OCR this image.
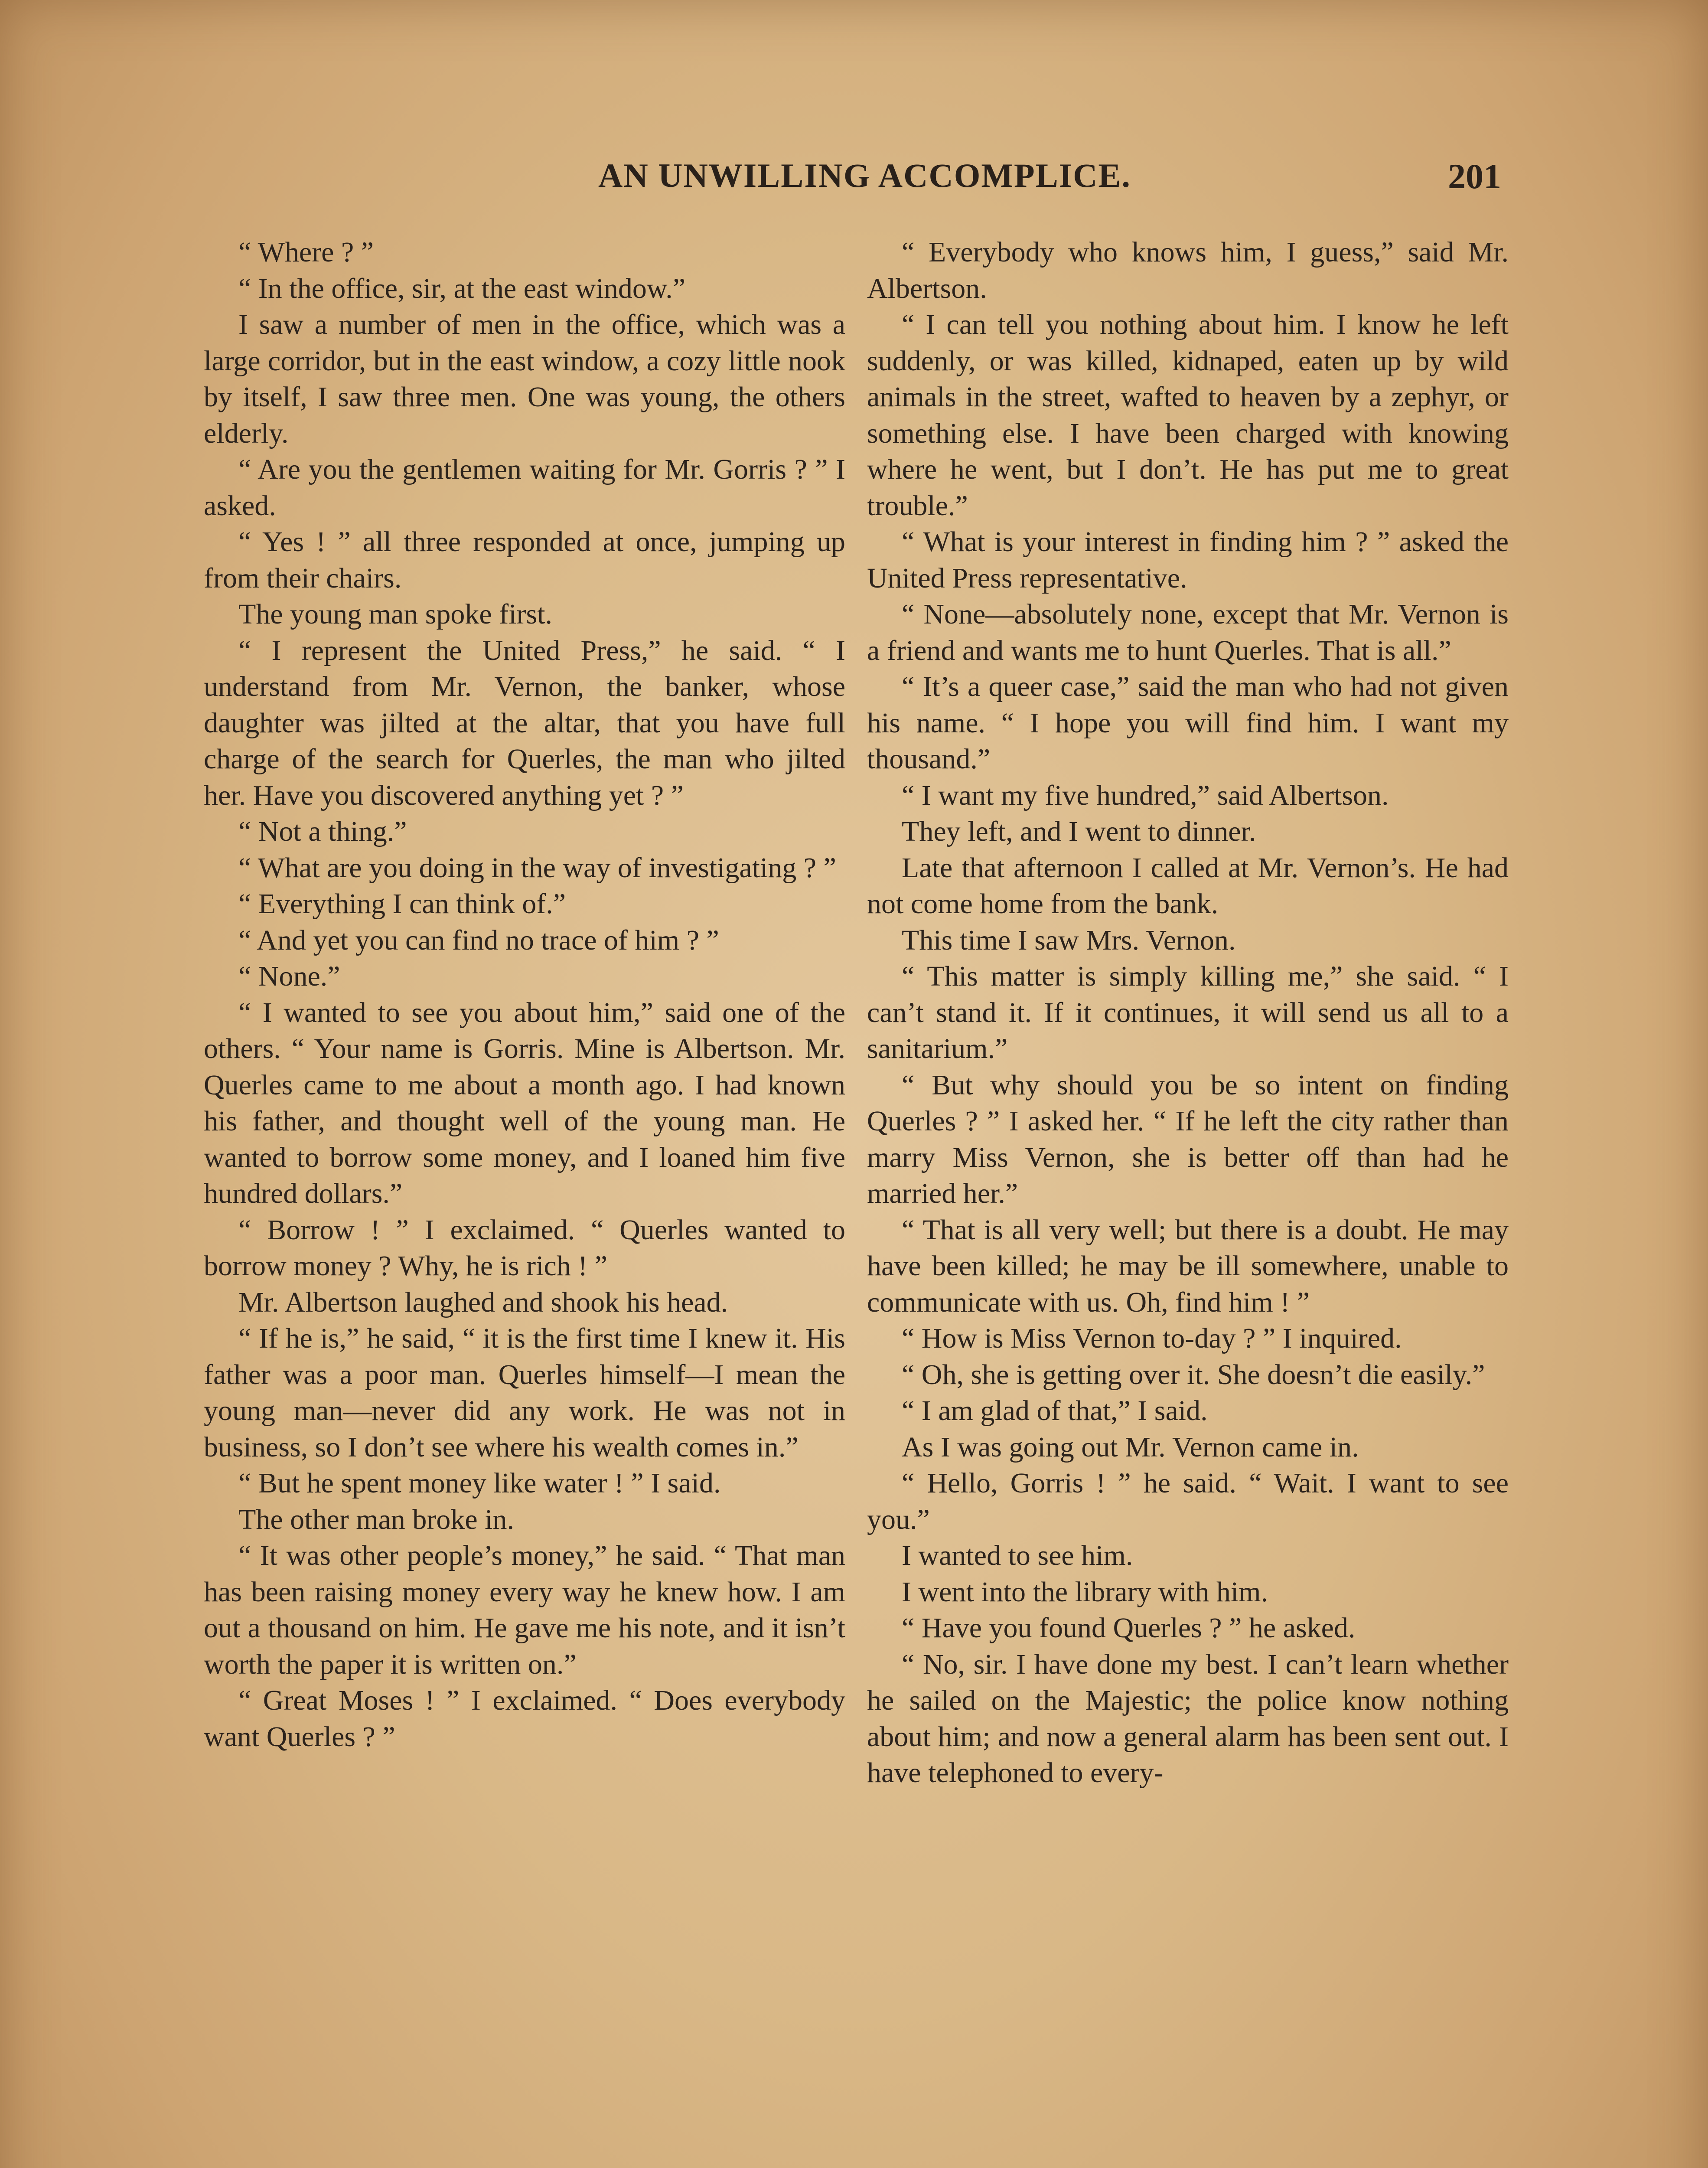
AN UNWILLING ACCOMPLICE.	201

“ Where ? ”

“ In the office, sir, at the east window.”

I saw a number of men in the office, which was a large corridor, but in the east window, a cozy little nook by itself, I saw three men. One was young, the others elderly.

“ Are you the gentlemen waiting for Mr. Gorris ? ” I asked.

“ Yes ! ” all three responded at once, jumping up from their chairs.

The young man spoke first.

“ I represent the United Press,” he said. “ I understand from Mr. Vernon, the banker, whose daughter was jilted at the altar, that you have full charge of the search for Querles, the man who jilted her. Have you discovered anything yet ? ”

“ Not a thing.”

“ What are you doing in the way of investigating ? ”

“ Everything I can think of.”

“ And yet you can find no trace of him ? ”

“ None.”

“ I wanted to see you about him,” said one of the others. “ Your name is Gorris. Mine is Albertson. Mr. Querles came to me about a month ago. I had known his father, and thought well of the young man. He wanted to borrow some money, and I loaned him five hundred dollars.”

“ Borrow ! ” I exclaimed. “ Querles wanted to borrow money ? Why, he is rich ! ”

Mr. Albertson laughed and shook his head.

“ If he is,” he said, “ it is the first time I knew it. His father was a poor man. Querles himself—I mean the young man—never did any work. He was not in business, so I don’t see where his wealth comes in.”

“ But he spent money like water ! ” I said.

The other man broke in.

“ It was other people’s money,” he said. “ That man has been raising money every way he knew how. I am out a thousand on him. He gave me his note, and it isn’t worth the paper it is written on.”

“ Great Moses ! ” I exclaimed. “ Does everybody want Querles ? ”

“ Everybody who knows him, I guess,” said Mr. Albertson.

“ I can tell you nothing about him. I know he left suddenly, or was killed, kidnaped, eaten up by wild animals in the street, wafted to heaven by a zephyr, or something else. I have been charged with knowing where he went, but I don’t. He has put me to great trouble.”

“ What is your interest in finding him ? ” asked the United Press representative.

“ None—absolutely none, except that Mr. Vernon is a friend and wants me to hunt Querles. That is all.”

“ It’s a queer case,” said the man who had not given his name. “ I hope you will find him. I want my thousand.”

“ I want my five hundred,” said Albertson.

They left, and I went to dinner.

Late that afternoon I called at Mr. Vernon’s. He had not come home from the bank.

This time I saw Mrs. Vernon.

“ This matter is simply killing me,” she said. “ I can’t stand it. If it continues, it will send us all to a sanitarium.”

“ But why should you be so intent on finding Querles ? ” I asked her. “ If he left the city rather than marry Miss Vernon, she is better off than had he married her.”

“ That is all very well; but there is a doubt. He may have been killed; he may be ill somewhere, unable to communicate with us. Oh, find him ! ”

“ How is Miss Vernon to-day ? ” I inquired.

“ Oh, she is getting over it. She doesn’t die easily.”

“ I am glad of that,” I said.

As I was going out Mr. Vernon came in.

“ Hello, Gorris ! ” he said. “ Wait. I want to see you.”

I wanted to see him.

I went into the library with him.

“ Have you found Querles ? ” he asked.

“ No, sir. I have done my best. I can’t learn whether he sailed on the Majestic; the police know nothing about him; and now a general alarm has been sent out. I have telephoned to every-
